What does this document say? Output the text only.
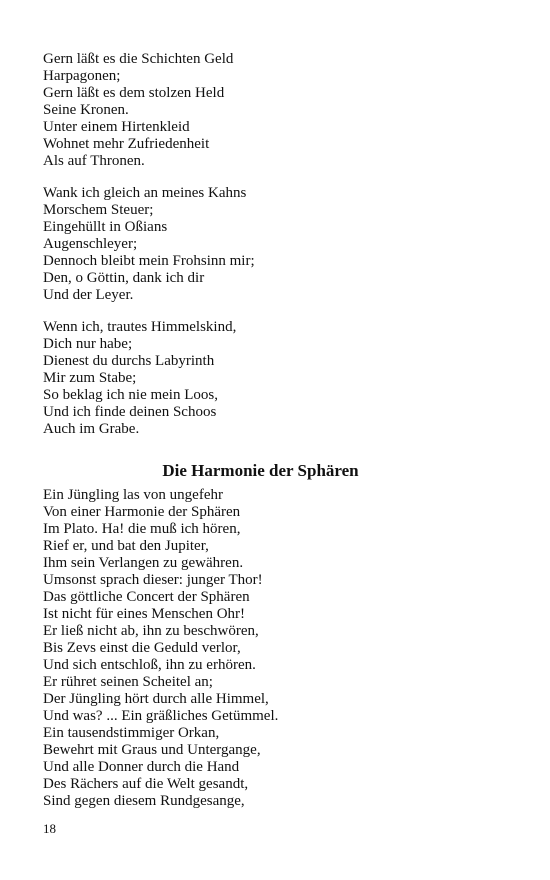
Gern läßt es die Schichten Geld
Harpagonen;
Gern läßt es dem stolzen Held
Seine Kronen.
Unter einem Hirtenkleid
Wohnet mehr Zufriedenheit
Als auf Thronen.
Wank ich gleich an meines Kahns
Morschem Steuer;
Eingehüllt in Oßians
Augenschleyer;
Dennoch bleibt mein Frohsinn mir;
Den, o Göttin, dank ich dir
Und der Leyer.
Wenn ich, trautes Himmelskind,
Dich nur habe;
Dienest du durchs Labyrinth
Mir zum Stabe;
So beklag ich nie mein Loos,
Und ich finde deinen Schoos
Auch im Grabe.
Die Harmonie der Sphären
Ein Jüngling las von ungefehr
Von einer Harmonie der Sphären
Im Plato. Ha! die muß ich hören,
Rief er, und bat den Jupiter,
Ihm sein Verlangen zu gewähren.
Umsonst sprach dieser: junger Thor!
Das göttliche Concert der Sphären
Ist nicht für eines Menschen Ohr!
Er ließ nicht ab, ihn zu beschwören,
Bis Zevs einst die Geduld verlor,
Und sich entschloß, ihn zu erhören.
Er rühret seinen Scheitel an;
Der Jüngling hört durch alle Himmel,
Und was? ... Ein gräßliches Getümmel.
Ein tausendstimmiger Orkan,
Bewehrt mit Graus und Untergange,
Und alle Donner durch die Hand
Des Rächers auf die Welt gesandt,
Sind gegen diesem Rundgesange,
18
